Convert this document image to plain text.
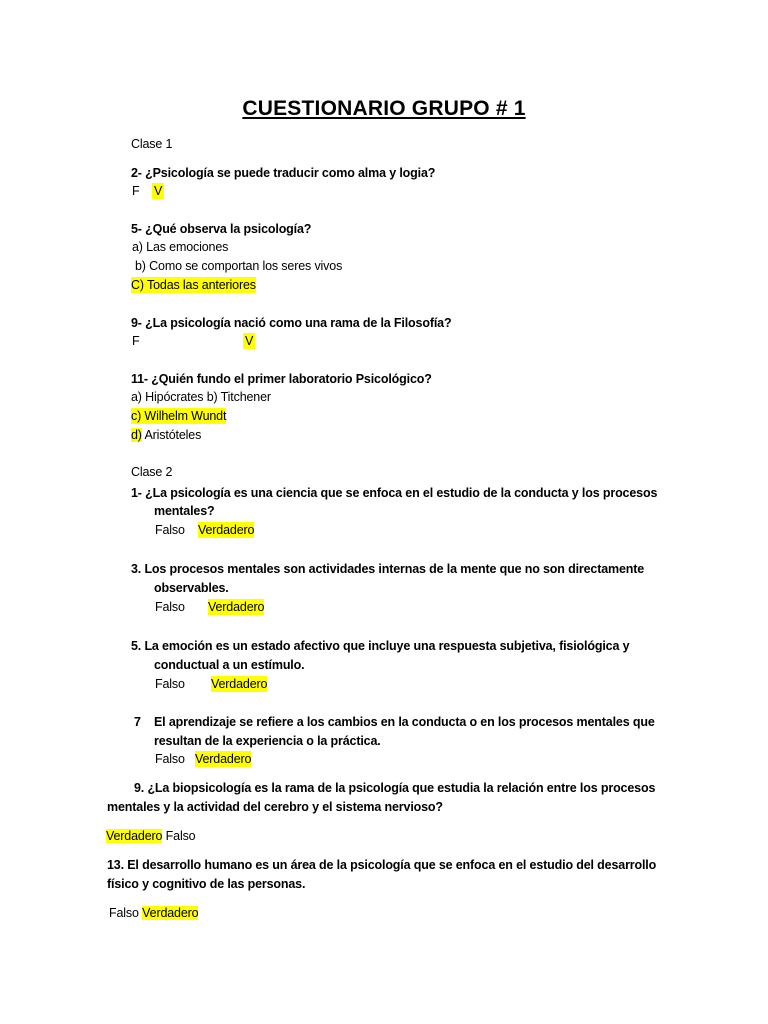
CUESTIONARIO GRUPO # 1
Clase 1
2- ¿Psicología se puede traducir como alma y logia?
F V
5- ¿Qué observa la psicología?
a) Las emociones
b) Como se comportan los seres vivos
C) Todas las anteriores
9- ¿La psicología nació como una rama de la Filosofía?
F	V
11- ¿Quién fundo el primer laboratorio Psicológico?
a) Hipócrates b) Titchener
c) Wilhelm Wundt
d) Aristóteles
Clase 2
1- ¿La psicología es una ciencia que se enfoca en el estudio de la conducta y los procesos
mentales?
Falso Verdadero
3. Los procesos mentales son actividades internas de la mente que no son directamente
observables.
Falso Verdadero
5. La emoción es un estado afectivo que incluye una respuesta subjetiva, fisiológica y
conductual a un estímulo.
Falso Verdadero
7 El aprendizaje se refiere a los cambios en la conducta o en los procesos mentales que
resultan de la experiencia o la práctica.
Falso Verdadero
9. ¿La biopsicología es la rama de la psicología que estudia la relación entre los procesos
mentales y la actividad del cerebro y el sistema nervioso?
Verdadero Falso
13. El desarrollo humano es un área de la psicología que se enfoca en el estudio del desarrollo
físico y cognitivo de las personas.
Falso Verdadero
